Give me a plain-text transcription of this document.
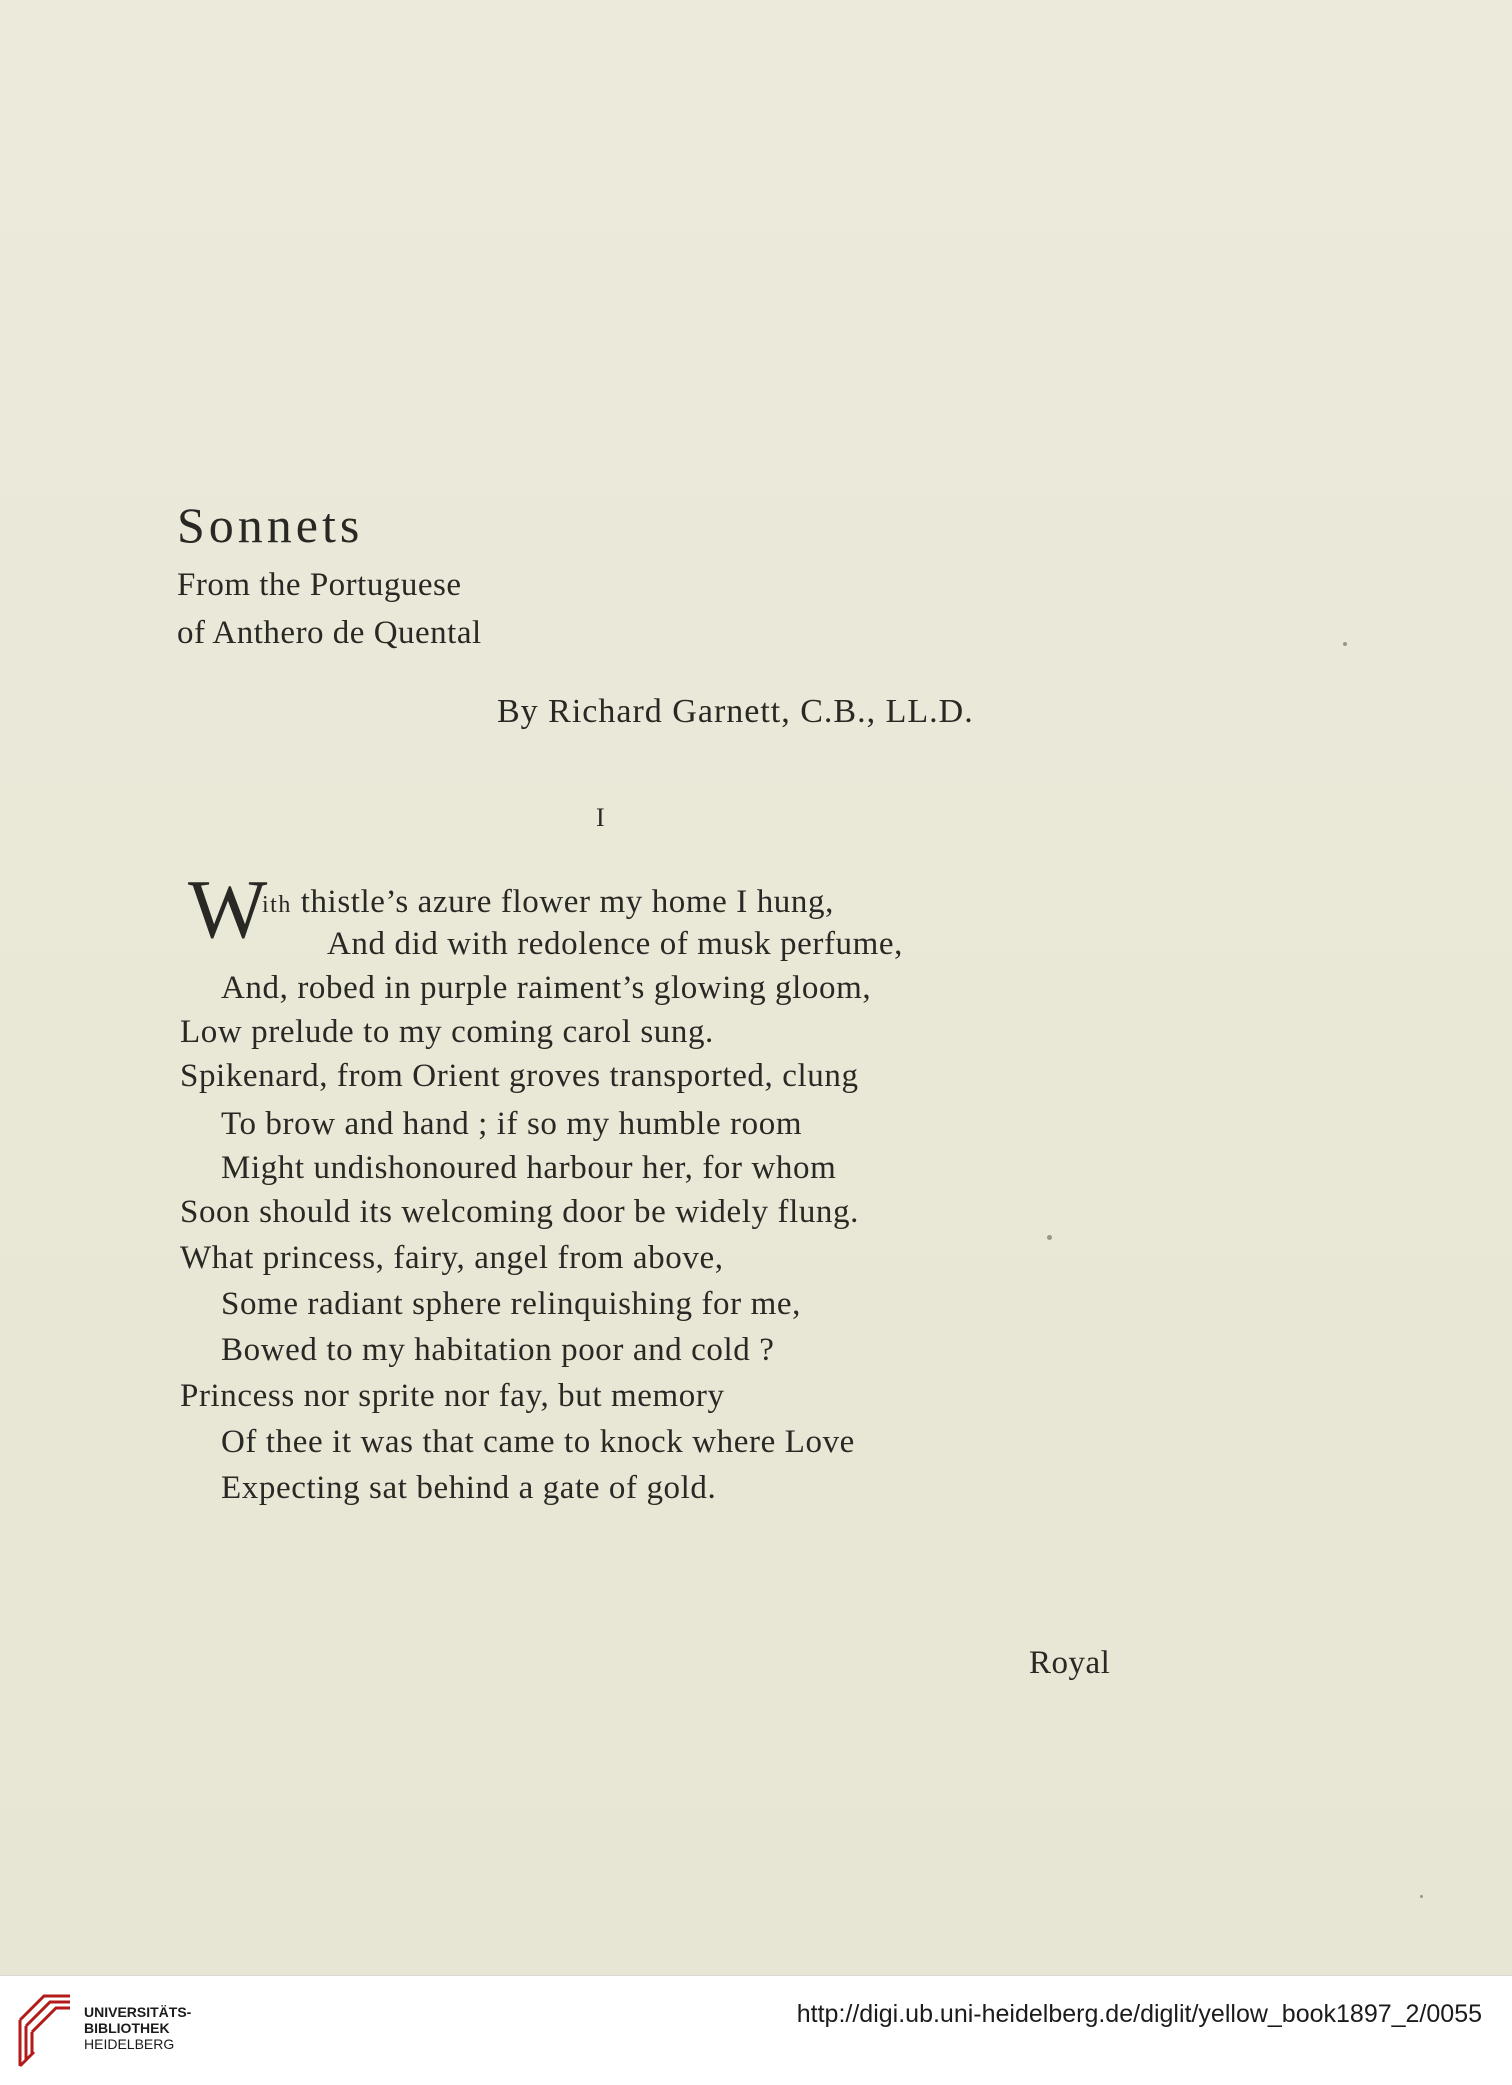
Sonnets

From the Portuguese

of Anthero de Quental

By Richard Garnett, C.B., LL.D.
I
W
ith thistle’s azure flower my home I hung,
And did with redolence of musk perfume,
And, robed in purple raiment’s glowing gloom,
Low prelude to my coming carol sung.
Spikenard, from Orient groves transported, clung
To brow and hand ; if so my humble room
Might undishonoured harbour her, for whom
Soon should its welcoming door be widely flung.
What princess, fairy, angel from above,
Some radiant sphere relinquishing for me,
Bowed to my habitation poor and cold ?
Princess nor sprite nor fay, but memory
Of thee it was that came to knock where Love
Expecting sat behind a gate of gold.
Royal
UNIVERSITÄTS-
BIBLIOTHEK
HEIDELBERG
http://digi.ub.uni-heidelberg.de/diglit/yellow_book1897_2/0055
